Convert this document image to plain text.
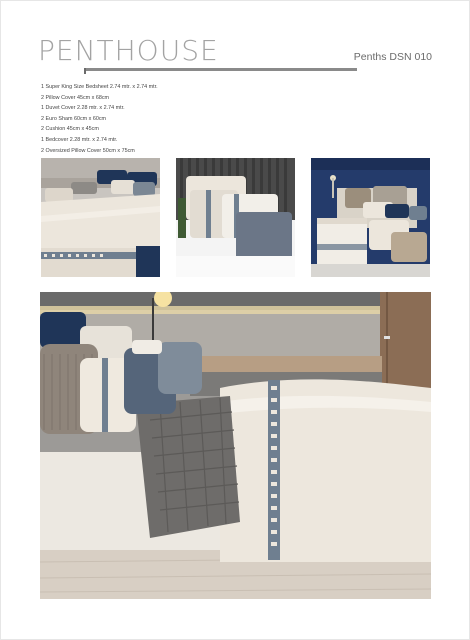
PENTHOUSE	Penths DSN 010
1 Super King Size Bedsheet 2.74 mtr. x 2.74 mtr.
2 Pillow Cover 45cm x 68cm
1 Duvet Cover 2.28 mtr. x 2.74 mtr.
2 Euro Sham 60cm x 60cm
2 Cushion 45cm x 45cm
1 Bedcover 2.28 mtr. x 2.74 mtr.
2 Oversized Pillow Cover 50cm x 75cm
